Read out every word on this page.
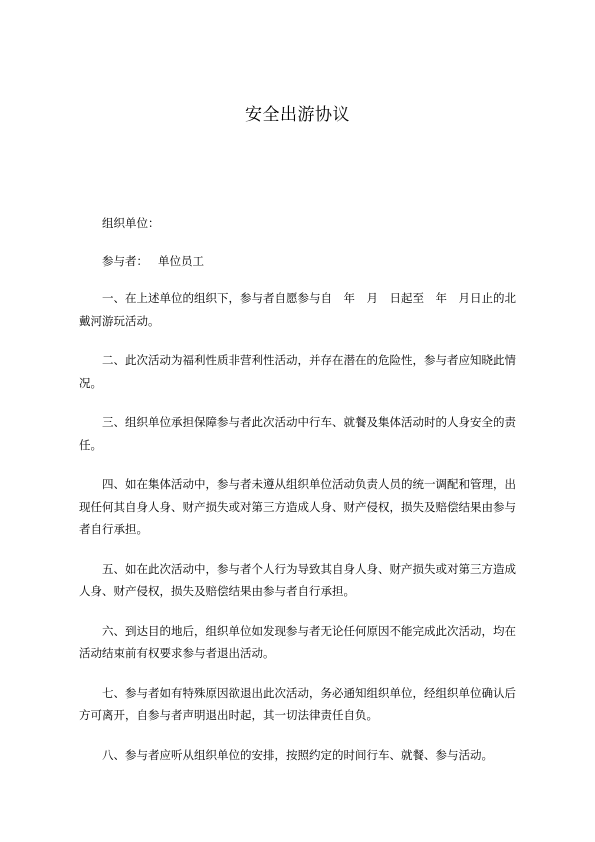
安全出游协议

组织单位：

参与者： 单位员工

一、在上述单位的组织下，参与者自愿参与自　年　月　日起至　年　月日止的北戴河游玩活动。

二、此次活动为福利性质非营利性活动，并存在潜在的危险性，参与者应知晓此情况。

三、组织单位承担保障参与者此次活动中行车、就餐及集体活动时的人身安全的责任。

四、如在集体活动中，参与者未遵从组织单位活动负责人员的统一调配和管理，出现任何其自身人身、财产损失或对第三方造成人身、财产侵权，损失及赔偿结果由参与者自行承担。

五、如在此次活动中，参与者个人行为导致其自身人身、财产损失或对第三方造成人身、财产侵权，损失及赔偿结果由参与者自行承担。

六、到达目的地后，组织单位如发现参与者无论任何原因不能完成此次活动，均在活动结束前有权要求参与者退出活动。

七、参与者如有特殊原因欲退出此次活动，务必通知组织单位，经组织单位确认后方可离开，自参与者声明退出时起，其一切法律责任自负。

八、参与者应听从组织单位的安排，按照约定的时间行车、就餐、参与活动。
